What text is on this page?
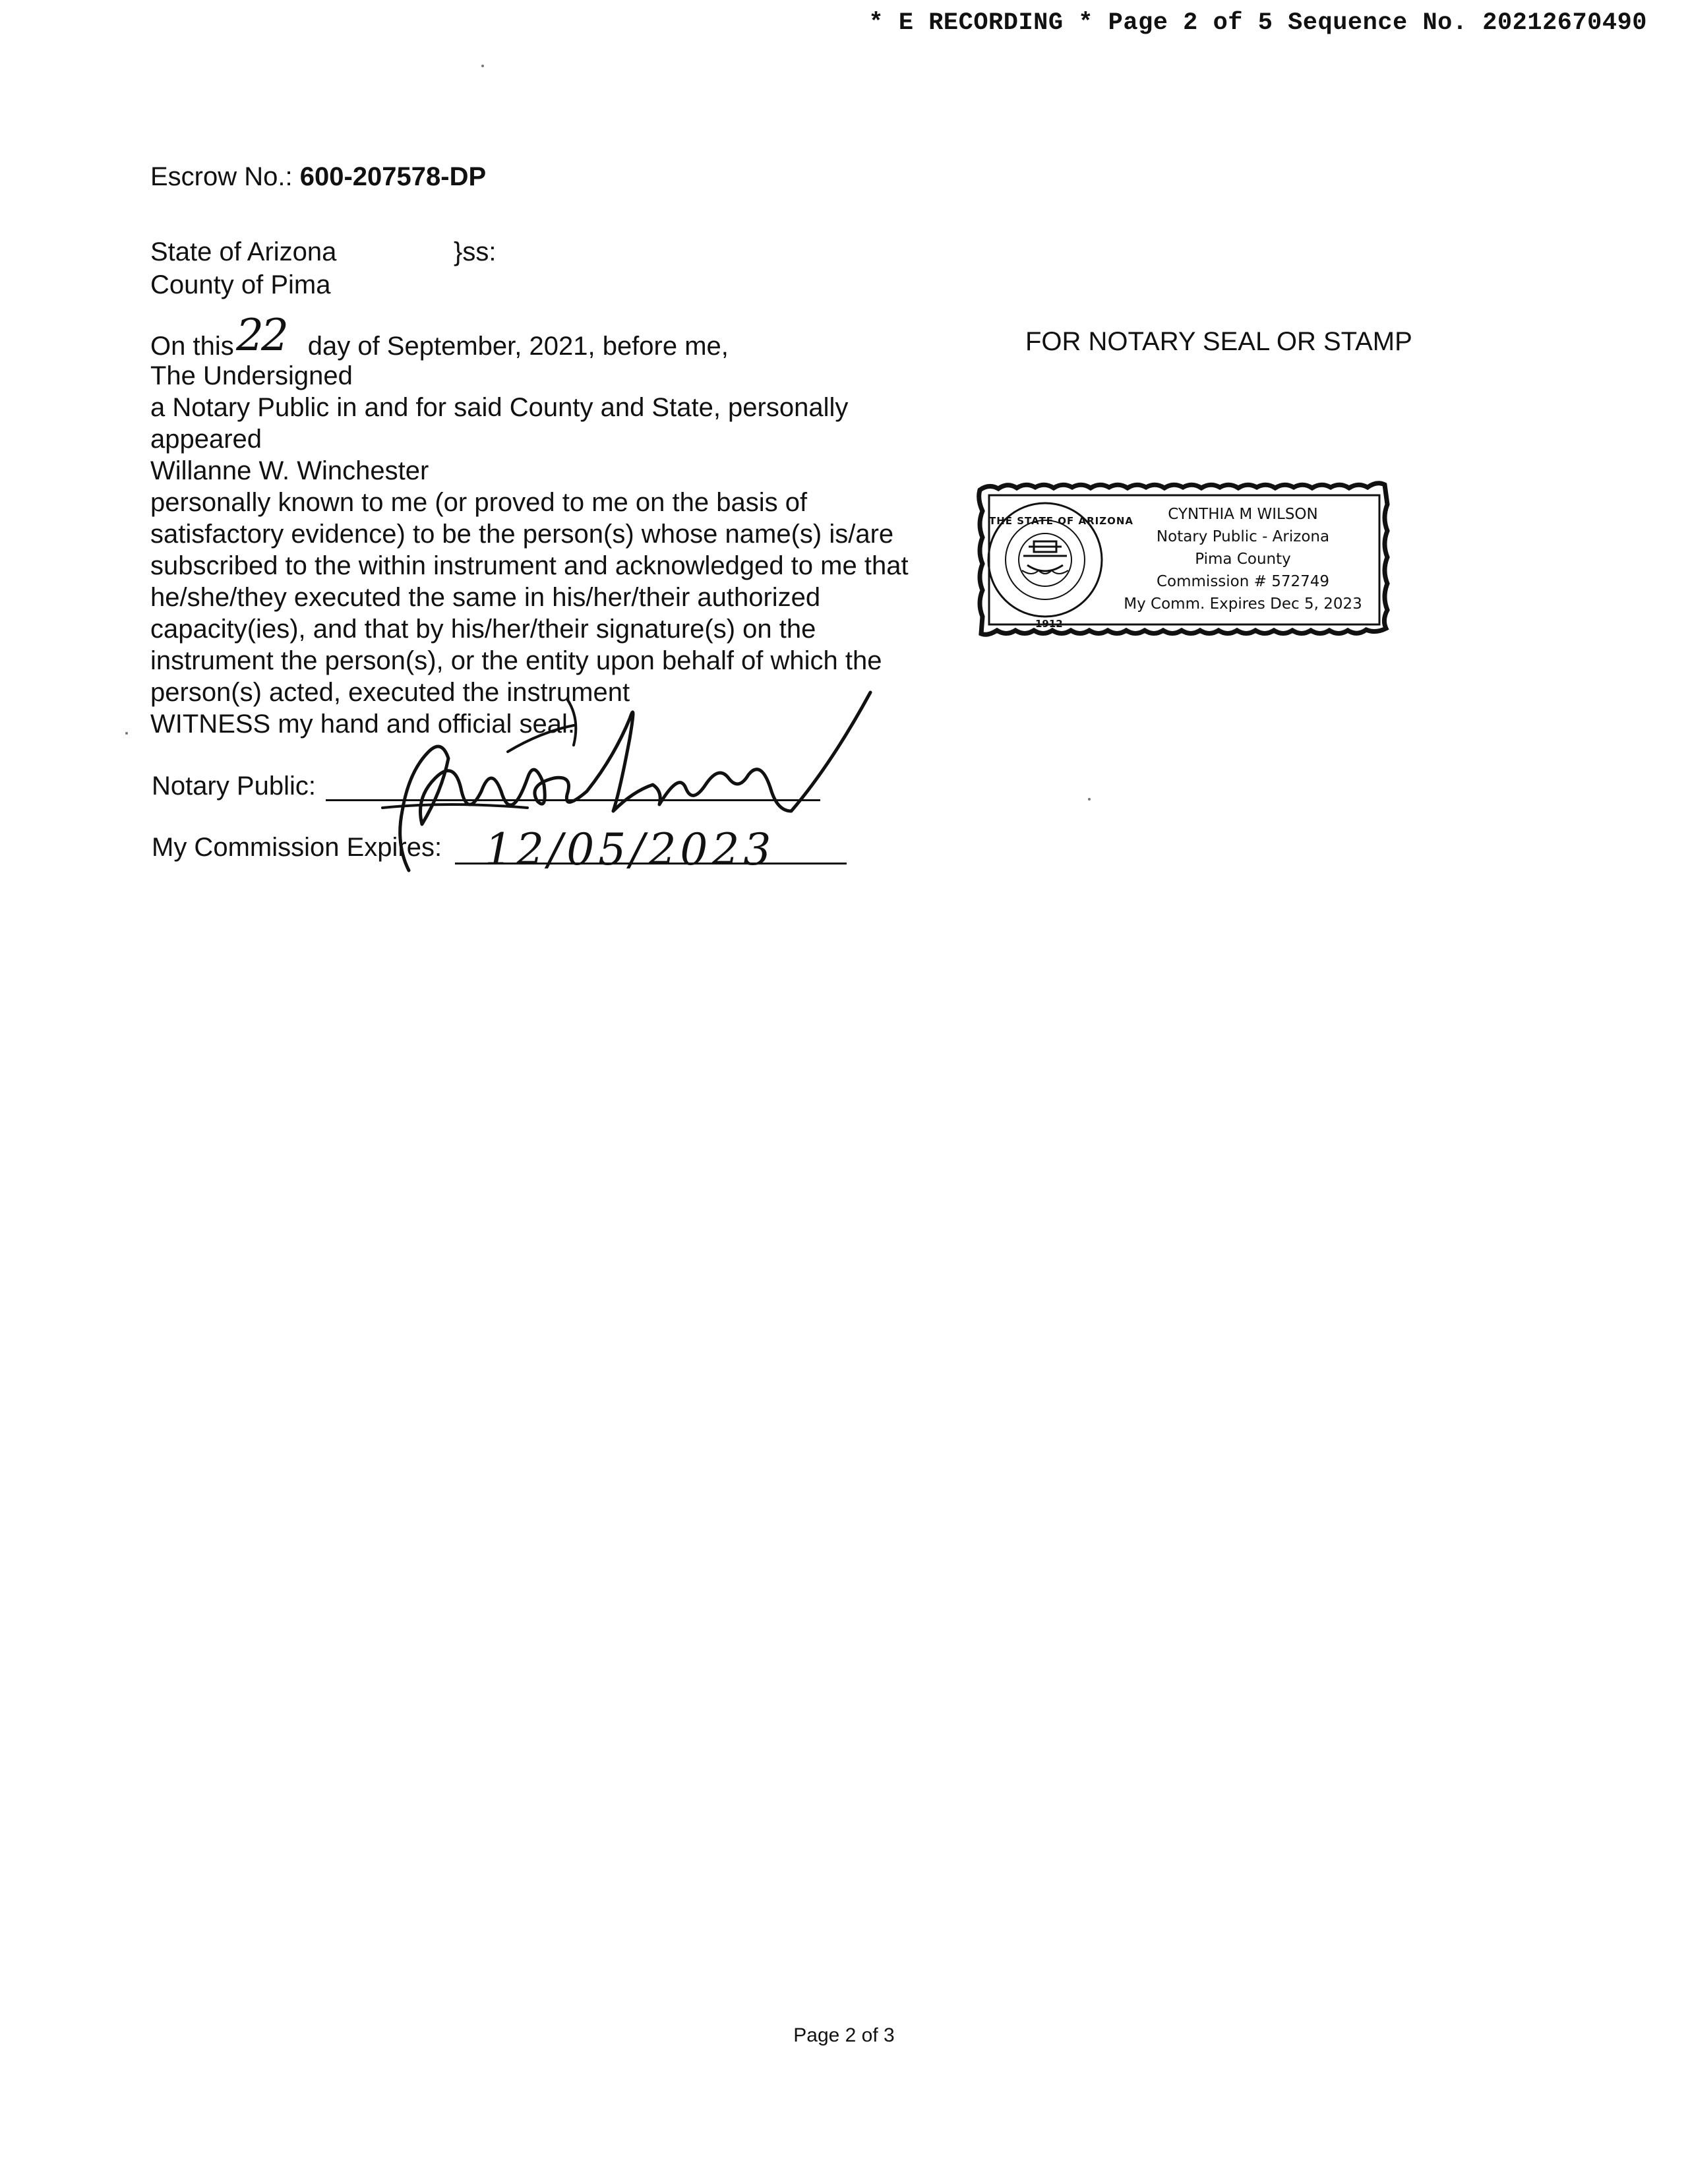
* E RECORDING * Page 2 of 5 Sequence No. 20212670490
Escrow No.: 600-207578-DP
State of Arizona	}ss:
County of Pima
On this	day of September, 2021, before me,
The Undersigned
a Notary Public in and for said County and State, personally
appeared
Willanne W. Winchester
personally known to me (or proved to me on the basis of
satisfactory evidence) to be the person(s) whose name(s) is/are
subscribed to the within instrument and acknowledged to me that
he/she/they executed the same in his/her/their authorized
capacity(ies), and that by his/her/their signature(s) on the
instrument the person(s), or the entity upon behalf of which the
person(s) acted, executed the instrument
WITNESS my hand and official seal.
22	FOR NOTARY SEAL OR STAMP
THE STATE OF ARIZONA
1912
CYNTHIA M WILSON
Notary Public - Arizona
Pima County
Commission # 572749
My Comm. Expires Dec 5, 2023
Notary Public:
My Commission Expires: 12/05/2023
Page 2 of 3
